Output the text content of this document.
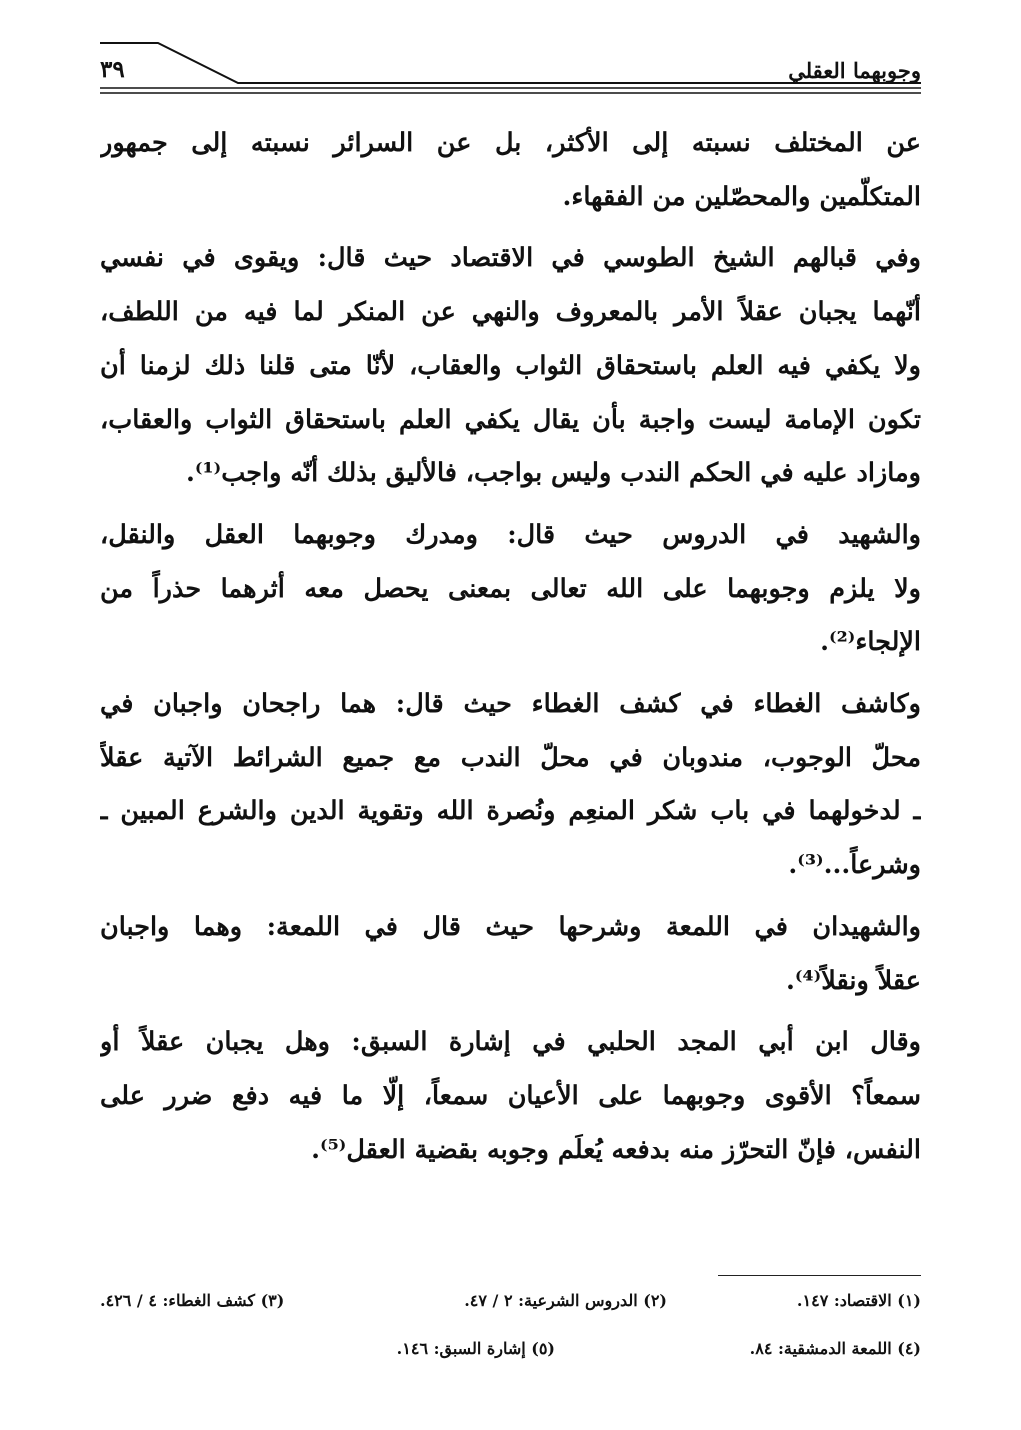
وجوبهما العقلي
٣٩
عن المختلف نسبته إلى الأكثر، بل عن السرائر نسبته إلى جمهور
المتكلّمين والمحصّلين من الفقهاء.
وفي قبالهم الشيخ الطوسي في الاقتصاد حيث قال: ويقوى في نفسي
أنّهما يجبان عقلاً الأمر بالمعروف والنهي عن المنكر لما فيه من اللطف،
ولا يكفي فيه العلم باستحقاق الثواب والعقاب، لأنّا متى قلنا ذلك لزمنا أن
تكون الإمامة ليست واجبة بأن يقال يكفي العلم باستحقاق الثواب والعقاب،
ومازاد عليه في الحكم الندب وليس بواجب، فالأليق بذلك أنّه واجب⁽¹⁾.
والشهيد في الدروس حيث قال: ومدرك وجوبهما العقل والنقل،
ولا يلزم وجوبهما على الله تعالى بمعنى يحصل معه أثرهما حذراً من
الإلجاء⁽²⁾.
وكاشف الغطاء في كشف الغطاء حيث قال: هما راجحان واجبان في
محلّ الوجوب، مندوبان في محلّ الندب مع جميع الشرائط الآتية عقلاً
ـ لدخولهما في باب شكر المنعِم ونُصرة الله وتقوية الدين والشرع المبين ـ
وشرعاً...⁽³⁾.
والشهيدان في اللمعة وشرحها حيث قال في اللمعة: وهما واجبان
عقلاً ونقلاً⁽⁴⁾.
وقال ابن أبي المجد الحلبي في إشارة السبق: وهل يجبان عقلاً أو
سمعاً؟ الأقوى وجوبهما على الأعيان سمعاً، إلّا ما فيه دفع ضرر على
النفس، فإنّ التحرّز منه بدفعه يُعلَم وجوبه بقضية العقل⁽⁵⁾.
(١) الاقتصاد: ١٤٧.
(٢) الدروس الشرعية: ٢ / ٤٧.
(٣) كشف الغطاء: ٤ / ٤٢٦.
(٤) اللمعة الدمشقية: ٨٤.
(٥) إشارة السبق: ١٤٦.
